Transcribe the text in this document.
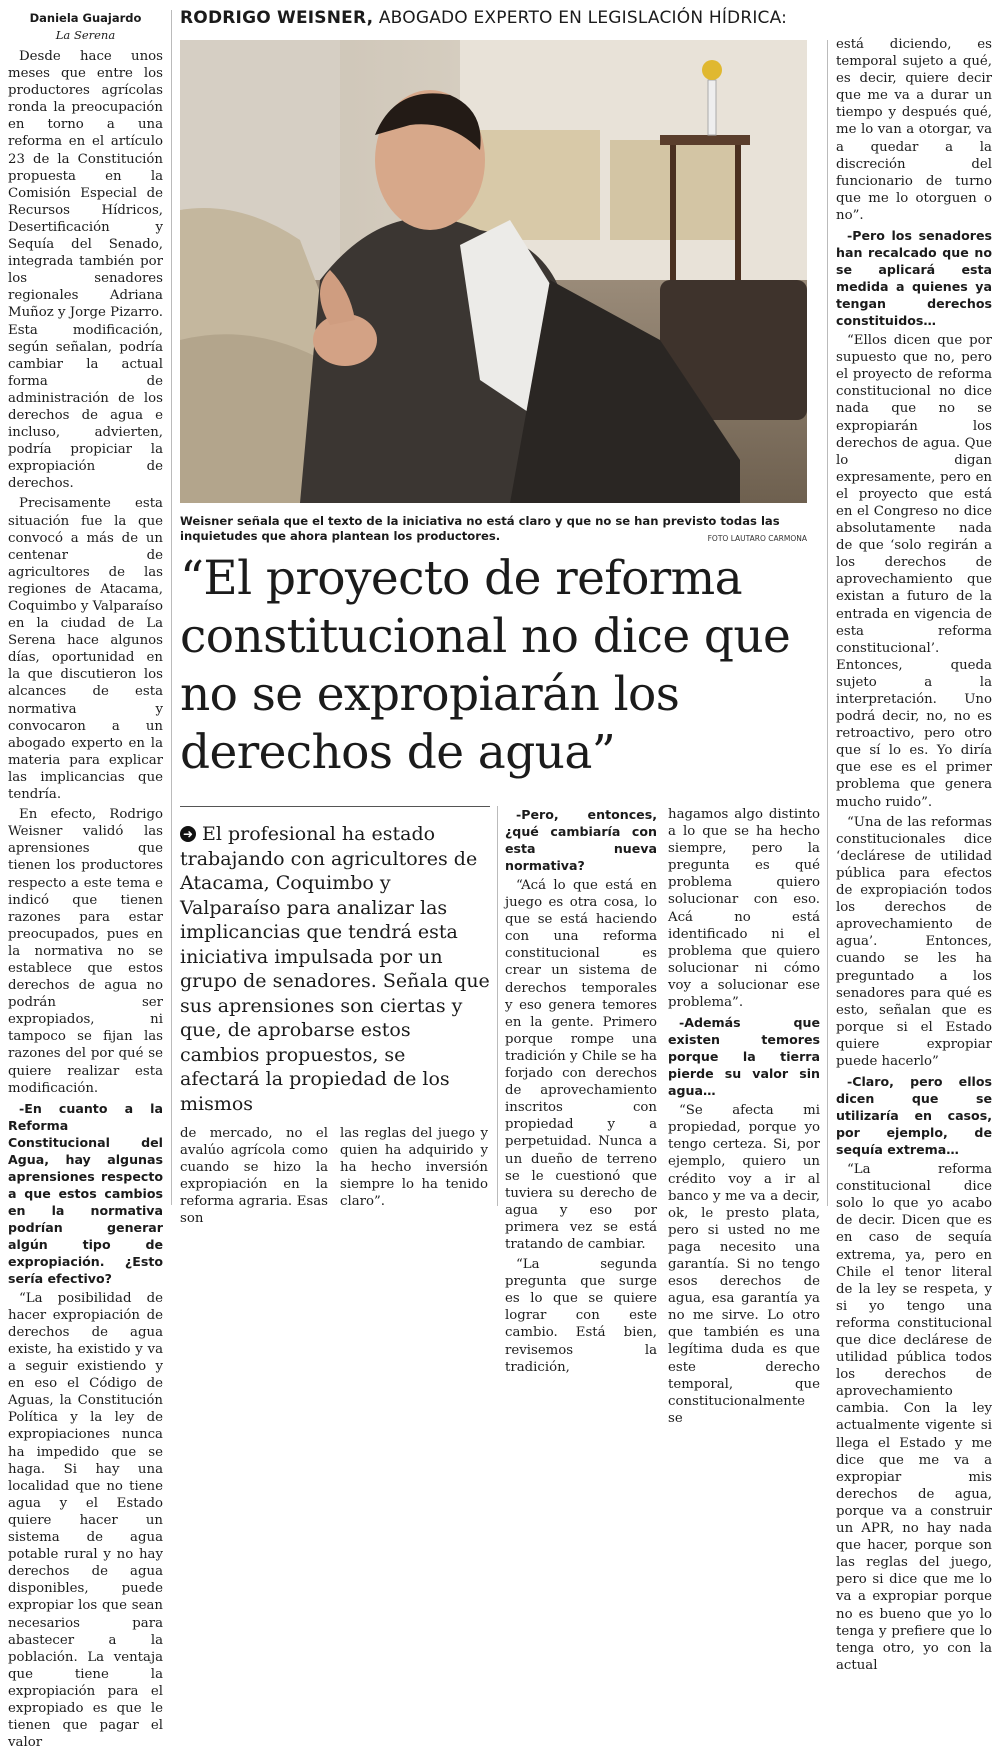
Daniela Guajardo
La Serena

Desde hace unos meses que entre los productores agrícolas ronda la preocupación en torno a una reforma en el artículo 23 de la Constitución propuesta en la Comisión Especial de Recursos Hídricos, Desertificación y Sequía del Senado, integrada también por los senadores regionales Adriana Muñoz y Jorge Pizarro. Esta modificación, según señalan, podría cambiar la actual forma de administración de los derechos de agua e incluso, advierten, podría propiciar la expropiación de derechos.

Precisamente esta situación fue la que convocó a más de un centenar de agricultores de las regiones de Atacama, Coquimbo y Valparaíso en la ciudad de La Serena hace algunos días, oportunidad en la que discutieron los alcances de esta normativa y convocaron a un abogado experto en la materia para explicar las implicancias que tendría.

En efecto, Rodrigo Weisner validó las aprensiones que tienen los productores respecto a este tema e indicó que tienen razones para estar preocupados, pues en la normativa no se establece que estos derechos de agua no podrán ser expropiados, ni tampoco se fijan las razones del por qué se quiere realizar esta modificación.

-En cuanto a la Reforma Constitucional del Agua, hay algunas aprensiones respecto a que estos cambios en la normativa podrían generar algún tipo de expropiación. ¿Esto sería efectivo?

“La posibilidad de hacer expropiación de derechos de agua existe, ha existido y va a seguir existiendo y en eso el Código de Aguas, la Constitución Política y la ley de expropiaciones nunca ha impedido que se haga. Si hay una localidad que no tiene agua y el Estado quiere hacer un sistema de agua potable rural y no hay derechos de agua disponibles, puede expropiar los que sean necesarios para abastecer a la población. La ventaja que tiene la expropiación para el expropiado es que le tienen que pagar el valor

RODRIGO WEISNER, ABOGADO EXPERTO EN LEGISLACIÓN HÍDRICA:
Weisner señala que el texto de la iniciativa no está claro y que no se han previsto todas las inquietudes que ahora plantean los productores.	FOTO LAUTARO CARMONA
“El proyecto de reforma constitucional no dice que no se expropiarán los derechos de agua”
➜ El profesional ha estado trabajando con agricultores de Atacama, Coquimbo y Valparaíso para analizar las implicancias que tendrá esta iniciativa impulsada por un grupo de senadores. Señala que sus aprensiones son ciertas y que, de aprobarse estos cambios propuestos, se afectará la propiedad de los mismos

de mercado, no el avalúo agrícola como cuando se hizo la expropiación en la reforma agraria. Esas son

las reglas del juego y quien ha adquirido y ha hecho inversión siempre lo ha tenido claro”.

-Pero, entonces, ¿qué cambiaría con esta nueva normativa?

“Acá lo que está en juego es otra cosa, lo que se está haciendo con una reforma constitucional es crear un sistema de derechos temporales y eso genera temores en la gente. Primero porque rompe una tradición y Chile se ha forjado con derechos de aprovechamiento inscritos con propiedad y a perpetuidad. Nunca a un dueño de terreno se le cuestionó que tuviera su derecho de agua y eso por primera vez se está tratando de cambiar.

“La segunda pregunta que surge es lo que se quiere lograr con este cambio. Está bien, revisemos la tradición,

hagamos algo distinto a lo que se ha hecho siempre, pero la pregunta es qué problema quiero solucionar con eso. Acá no está identificado ni el problema que quiero solucionar ni cómo voy a solucionar ese problema”.

-Además que existen temores porque la tierra pierde su valor sin agua…

“Se afecta mi propiedad, porque yo tengo certeza. Si, por ejemplo, quiero un crédito voy a ir al banco y me va a decir, ok, le presto plata, pero si usted no me paga necesito una garantía. Si no tengo esos derechos de agua, esa garantía ya no me sirve. Lo otro que también es una legítima duda es que este derecho temporal, que constitucionalmente se

está diciendo, es temporal sujeto a qué, es decir, quiere decir que me va a durar un tiempo y después qué, me lo van a otorgar, va a quedar a la discreción del funcionario de turno que me lo otorguen o no”.

-Pero los senadores han recalcado que no se aplicará esta medida a quienes ya tengan derechos constituidos…

“Ellos dicen que por supuesto que no, pero el proyecto de reforma constitucional no dice nada que no se expropiarán los derechos de agua. Que lo digan expresamente, pero en el proyecto que está en el Congreso no dice absolutamente nada de que ‘solo regirán a los derechos de aprovechamiento que existan a futuro de la entrada en vigencia de esta reforma constitucional’. Entonces, queda sujeto a la interpretación. Uno podrá decir, no, no es retroactivo, pero otro que sí lo es. Yo diría que ese es el primer problema que genera mucho ruido”.

“Una de las reformas constitucionales dice ‘declárese de utilidad pública para efectos de expropiación todos los derechos de aprovechamiento de agua’. Entonces, cuando se les ha preguntado a los senadores para qué es esto, señalan que es porque si el Estado quiere expropiar puede hacerlo”

-Claro, pero ellos dicen que se utilizaría en casos, por ejemplo, de sequía extrema…

“La reforma constitucional dice solo lo que yo acabo de decir. Dicen que es en caso de sequía extrema, ya, pero en Chile el tenor literal de la ley se respeta, y si yo tengo una reforma constitucional que dice declárese de utilidad pública todos los derechos de aprovechamiento cambia. Con la ley actualmente vigente si llega el Estado y me dice que me va a expropiar mis derechos de agua, porque va a construir un APR, no hay nada que hacer, porque son las reglas del juego, pero si dice que me lo va a expropiar porque no es bueno que yo lo tenga y prefiere que lo tenga otro, yo con la actual
